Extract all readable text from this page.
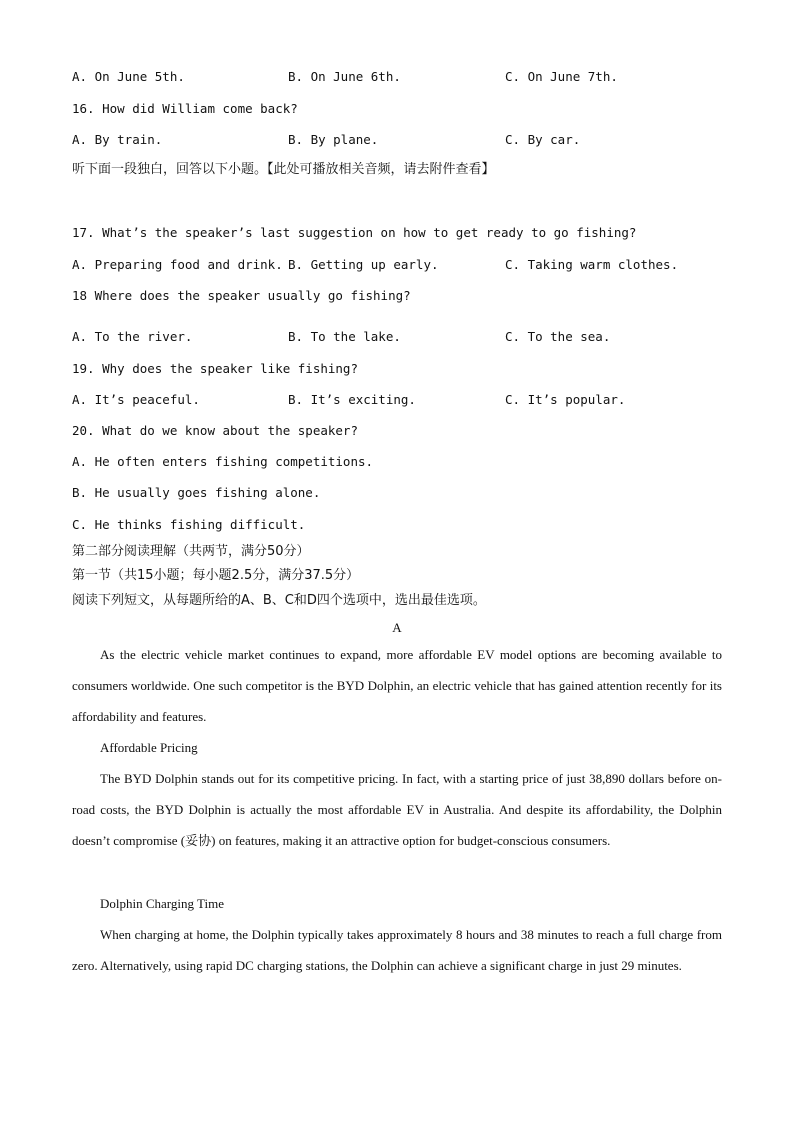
A. On June 5th.	B. On June 6th.	C. On June 7th.
16. How did William come back?
A. By train.	B. By plane.	C. By car.
听下面一段独白，回答以下小题。【此处可播放相关音频，请去附件查看】
17. What’s the speaker’s last suggestion on how to get ready to go fishing?
A. Preparing food and drink. B. Getting up early.	C. Taking warm clothes.
18 Where does the speaker usually go fishing?
A. To the river.	B. To the lake.	C. To the sea.
19. Why does the speaker like fishing?
A. It’s peaceful.	B. It’s exciting.	C. It’s popular.
20. What do we know about the speaker?
A. He often enters fishing competitions.
B. He usually goes fishing alone.
C. He thinks fishing difficult.
第二部分阅读理解（共两节，满分50分）
第一节（共15小题；每小题2.5分，满分37.5分）
阅读下列短文，从每题所给的A、B、C和D四个选项中，选出最佳选项。
A
As the electric vehicle market continues to expand, more affordable EV model options are becoming available to consumers worldwide. One such competitor is the BYD Dolphin, an electric vehicle that has gained attention recently for its affordability and features.
Affordable Pricing
The BYD Dolphin stands out for its competitive pricing. In fact, with a starting price of just 38,890 dollars before on-road costs, the BYD Dolphin is actually the most affordable EV in Australia. And despite its affordability, the Dolphin doesn’t compromise (妥协) on features, making it an attractive option for budget-conscious consumers.
Dolphin Charging Time
When charging at home, the Dolphin typically takes approximately 8 hours and 38 minutes to reach a full charge from zero. Alternatively, using rapid DC charging stations, the Dolphin can achieve a significant charge in just 29 minutes.
